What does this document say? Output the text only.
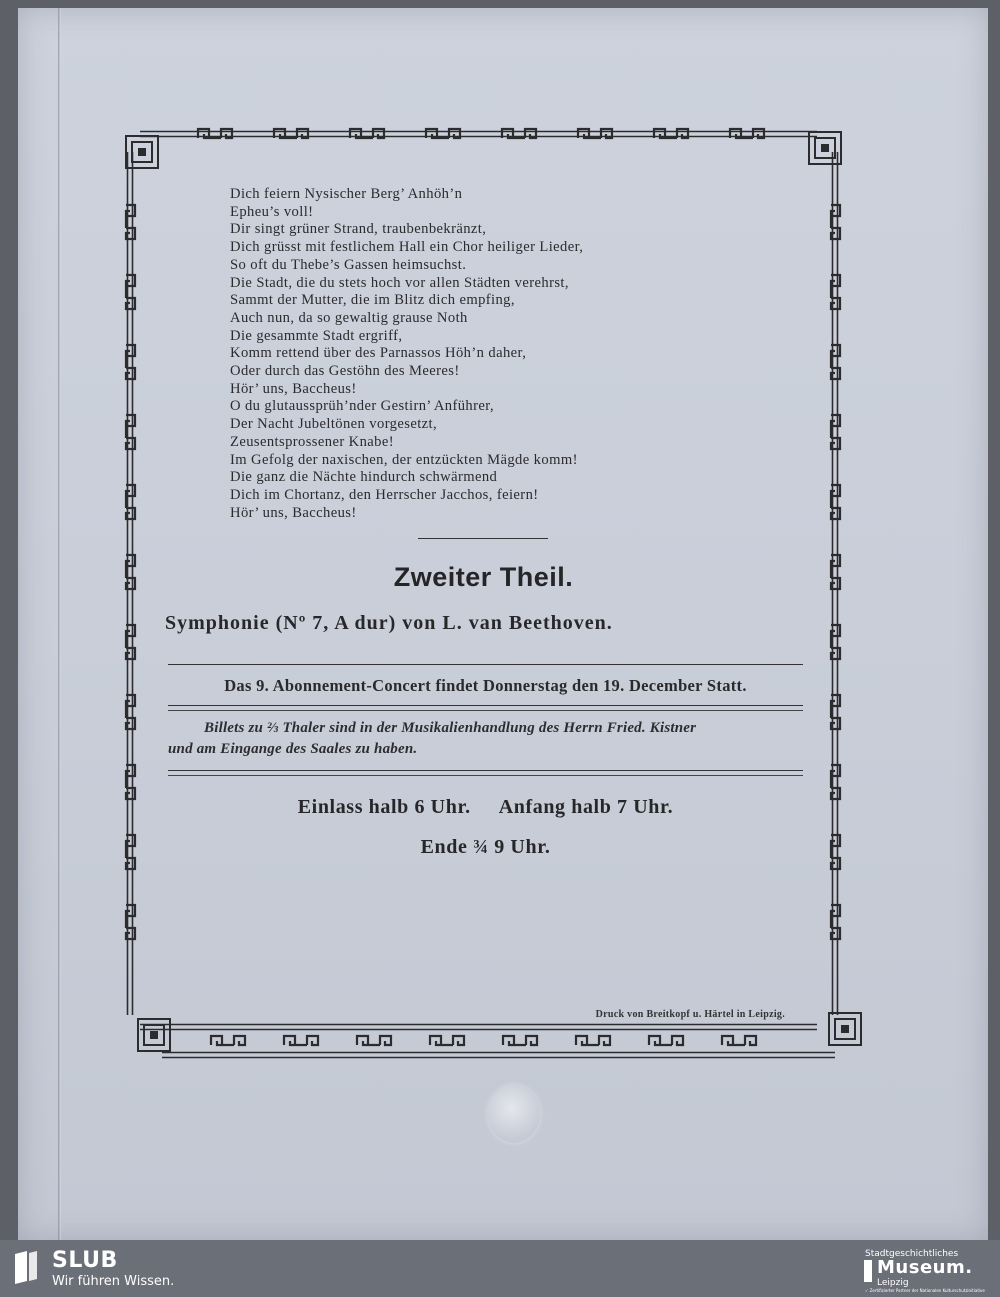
Dich feiern Nysischer Berg’ Anhöh’n
Epheu’s voll!
Dir singt grüner Strand, traubenbekränzt,
Dich grüsst mit festlichem Hall ein Chor heiliger Lieder,
So oft du Thebe’s Gassen heimsuchst.
Die Stadt, die du stets hoch vor allen Städten verehrst,
Sammt der Mutter, die im Blitz dich empfing,
Auch nun, da so gewaltig grause Noth
Die gesammte Stadt ergriff,
Komm rettend über des Parnassos Höh’n daher,
Oder durch das Gestöhn des Meeres!
Hör’ uns, Baccheus!
O du glutaussprüh’nder Gestirn’ Anführer,
Der Nacht Jubeltönen vorgesetzt,
Zeusentsprossener Knabe!
Im Gefolg der naxischen, der entzückten Mägde komm!
Die ganz die Nächte hindurch schwärmend
Dich im Chortanz, den Herrscher Jacchos, feiern!
Hör’ uns, Baccheus!
Zweiter Theil.
Symphonie (Nº 7, A dur) von L. van Beethoven.
Das 9. Abonnement-Concert findet Donnerstag den 19. December Statt.
Billets zu ⅔ Thaler sind in der Musikalienhandlung des Herrn Fried. Kistner
und am Eingange des Saales zu haben.
Einlass halb 6 Uhr. Anfang halb 7 Uhr.
Ende ¾ 9 Uhr.
Druck von Breitkopf u. Härtel in Leipzig.
SLUB
Wir führen Wissen.
Stadtgeschichtliches
Museum.
Leipzig
✓ Zertifizierter Partner der Nationalen Kulturschutzinitiative
